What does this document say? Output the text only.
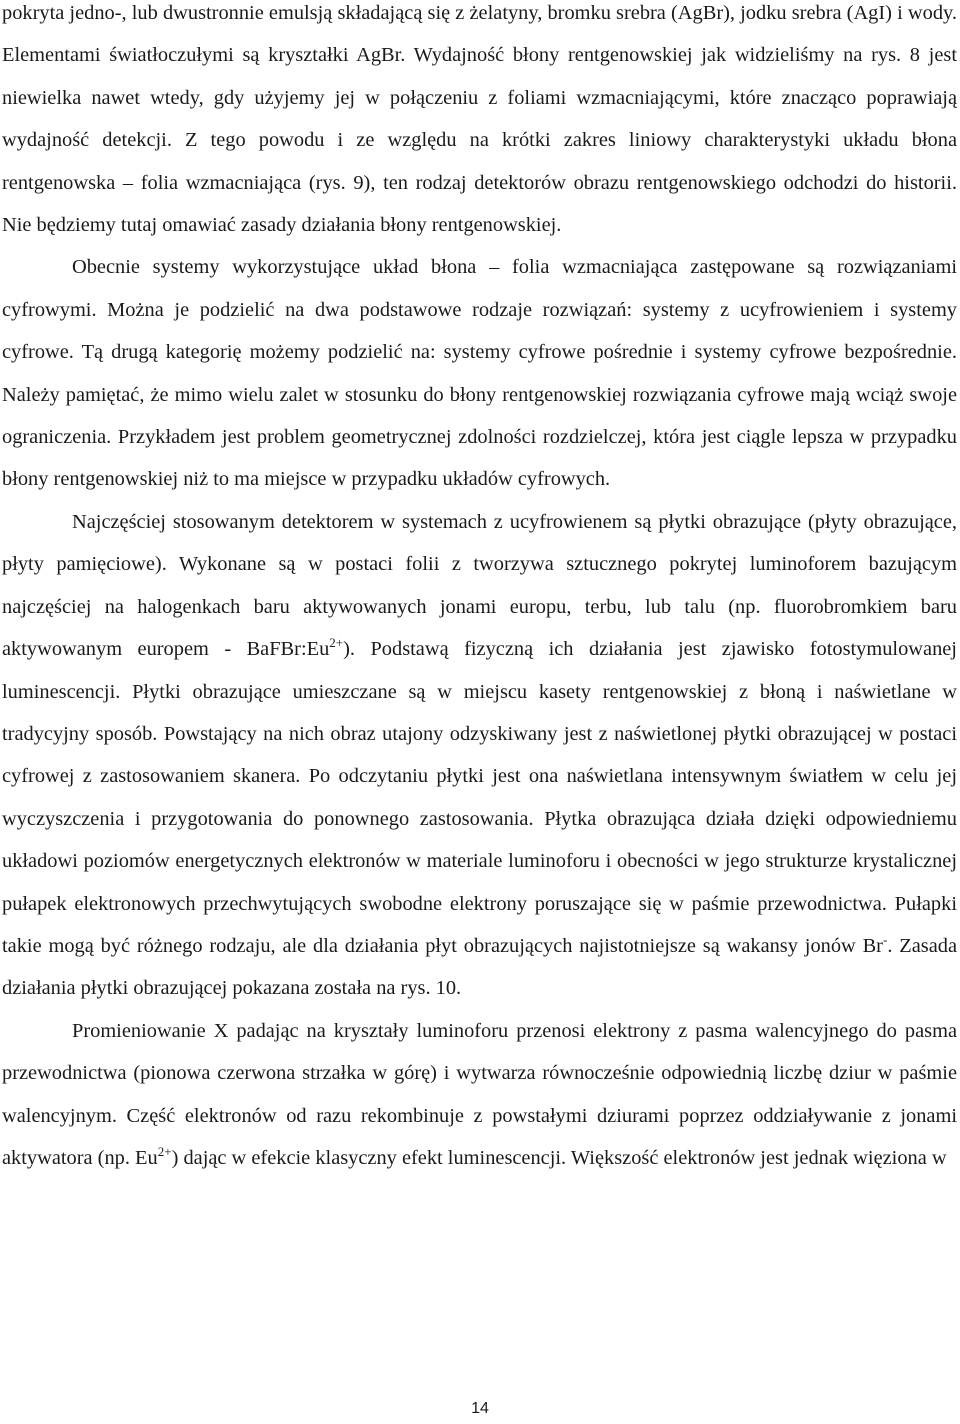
pokryta jedno-, lub dwustronnie emulsją składającą się z żelatyny, bromku srebra (AgBr), jodku srebra (AgI) i wody. Elementami światłoczułymi są kryształki AgBr. Wydajność błony rentgenowskiej jak widzieliśmy na rys. 8 jest niewielka nawet wtedy, gdy użyjemy jej w połączeniu z foliami wzmacniającymi, które znacząco poprawiają wydajność detekcji. Z tego powodu i ze względu na krótki zakres liniowy charakterystyki układu błona rentgenowska – folia wzmacniająca (rys. 9), ten rodzaj detektorów obrazu rentgenowskiego odchodzi do historii. Nie będziemy tutaj omawiać zasady działania błony rentgenowskiej.

Obecnie systemy wykorzystujące układ błona – folia wzmacniająca zastępowane są rozwiązaniami cyfrowymi. Można je podzielić na dwa podstawowe rodzaje rozwiązań: systemy z ucyfrowieniem i systemy cyfrowe. Tą drugą kategorię możemy podzielić na: systemy cyfrowe pośrednie i systemy cyfrowe bezpośrednie. Należy pamiętać, że mimo wielu zalet w stosunku do błony rentgenowskiej rozwiązania cyfrowe mają wciąż swoje ograniczenia. Przykładem jest problem geometrycznej zdolności rozdzielczej, która jest ciągle lepsza w przypadku błony rentgenowskiej niż to ma miejsce w przypadku układów cyfrowych.

Najczęściej stosowanym detektorem w systemach z ucyfrowienem są płytki obrazujące (płyty obrazujące, płyty pamięciowe). Wykonane są w postaci folii z tworzywa sztucznego pokrytej luminoforem bazującym najczęściej na halogenkach baru aktywowanych jonami europu, terbu, lub talu (np. fluorobromkiem baru aktywowanym europem - $BaFBr:Eu^{2+}$). Podstawą fizyczną ich działania jest zjawisko fotostymulowanej luminescencji. Płytki obrazujące umieszczane są w miejscu kasety rentgenowskiej z błoną i naświetlane w tradycyjny sposób. Powstający na nich obraz utajony odzyskiwany jest z naświetlonej płytki obrazującej w postaci cyfrowej z zastosowaniem skanera. Po odczytaniu płytki jest ona naświetlana intensywnym światłem w celu jej wyczyszczenia i przygotowania do ponownego zastosowania. Płytka obrazująca działa dzięki odpowiedniemu układowi poziomów energetycznych elektronów w materiale luminoforu i obecności w jego strukturze krystalicznej pułapek elektronowych przechwytujących swobodne elektrony poruszające się w paśmie przewodnictwa. Pułapki takie mogą być różnego rodzaju, ale dla działania płyt obrazujących najistotniejsze są wakansy jonów Br-. Zasada działania płytki obrazującej pokazana została na rys. 10.

Promieniowanie X padając na kryształy luminoforu przenosi elektrony z pasma walencyjnego do pasma przewodnictwa (pionowa czerwona strzałka w górę) i wytwarza równocześnie odpowiednią liczbę dziur w paśmie walencyjnym. Część elektronów od razu rekombinuje z powstałymi dziurami poprzez oddziaływanie z jonami aktywatora (np. $Eu^{2+}$) dając w efekcie klasyczny efekt luminescencji. Większość elektronów jest jednak więziona w

14
